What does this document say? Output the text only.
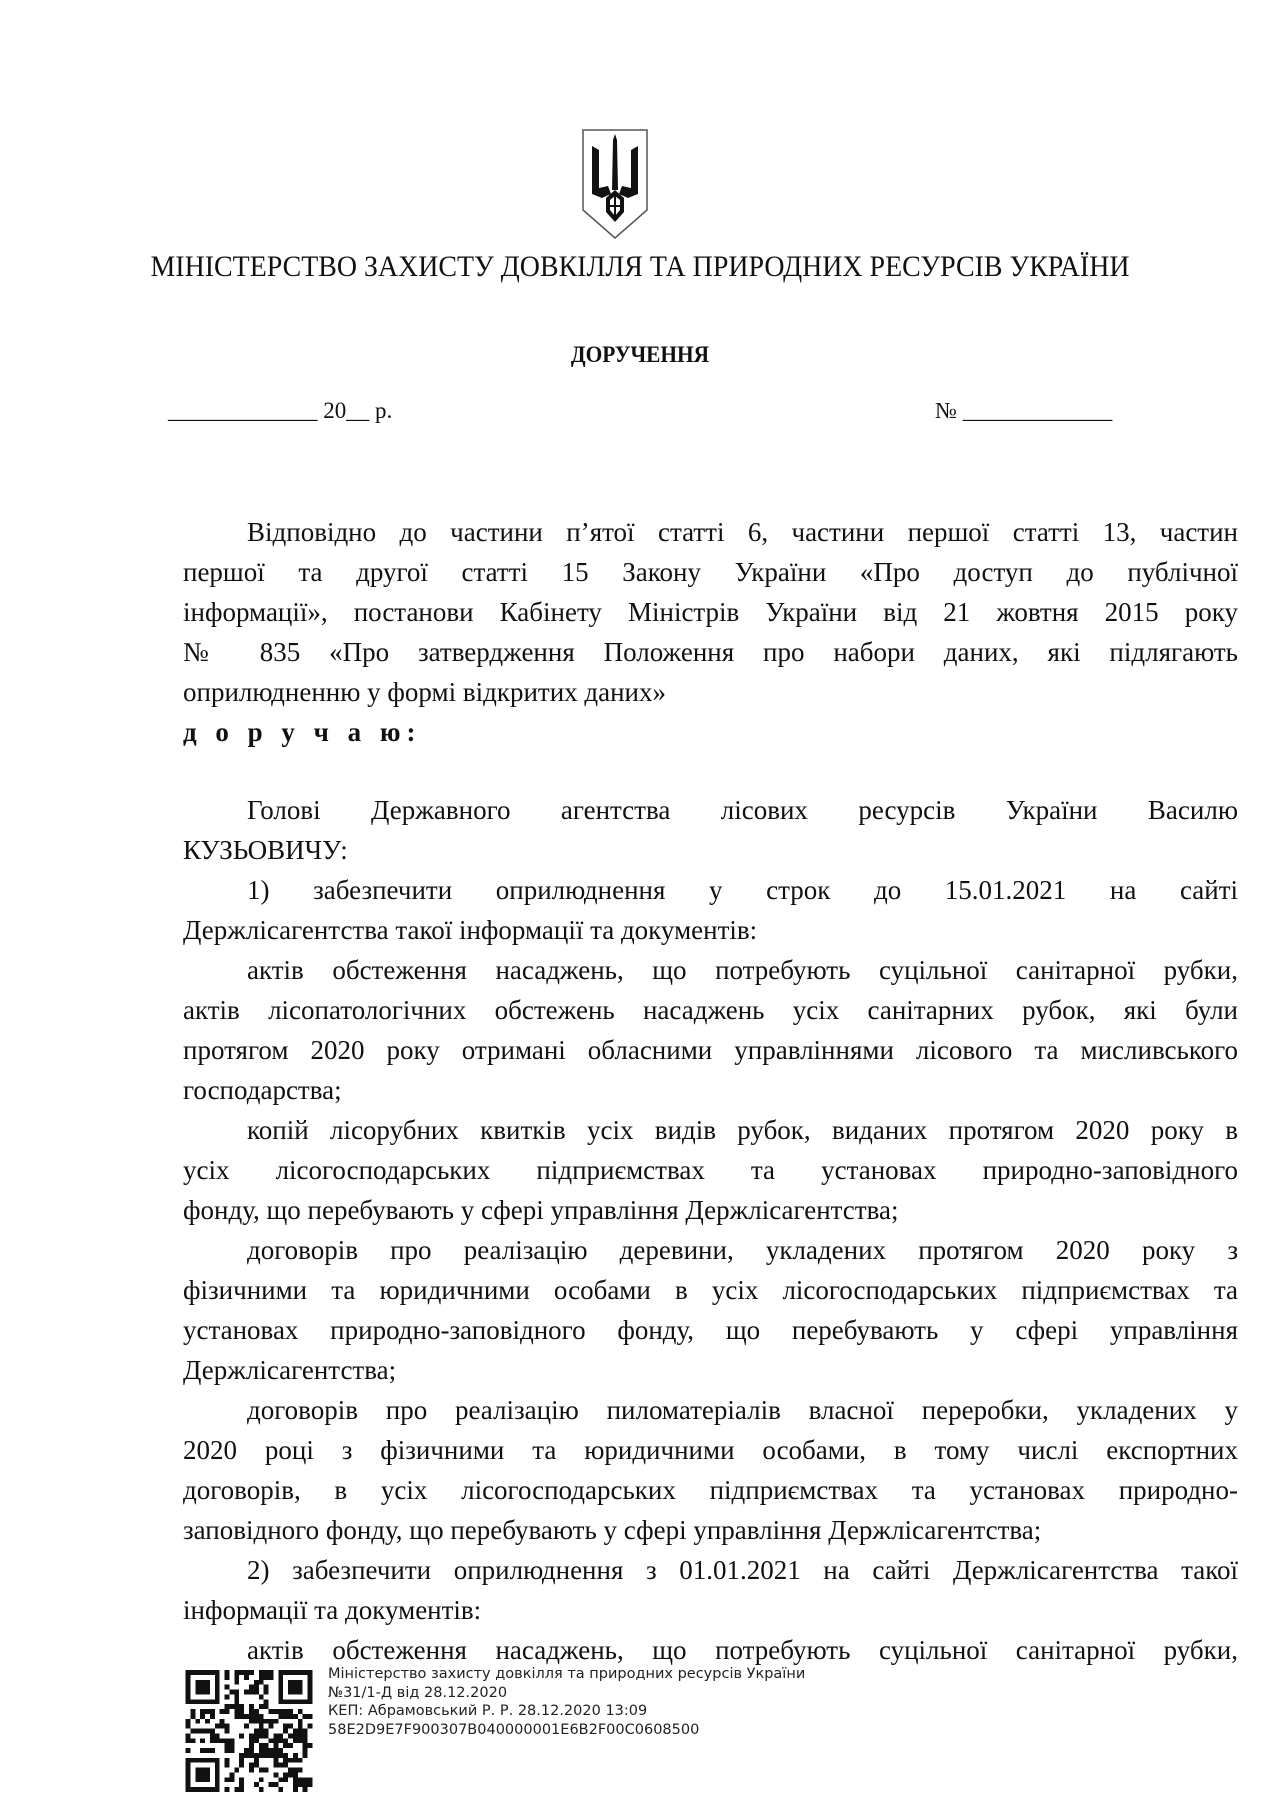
МІНІСТЕРСТВО ЗАХИСТУ ДОВКІЛЛЯ ТА ПРИРОДНИХ РЕСУРСІВ УКРАЇНИ
ДОРУЧЕННЯ
_____________ 20__ р.	№ _____________
Відповідно до частини п’ятої статті 6, частини першої статті 13, частин
першої та другої статті 15 Закону України «Про доступ до публічної
інформації», постанови Кабінету Міністрів України від 21 жовтня 2015 року
№ 835 «Про затвердження Положення про набори даних, які підлягають
оприлюдненню у формі відкритих даних»
д о р у ч а ю:
Голові Державного агентства лісових ресурсів України Василю
КУЗЬОВИЧУ:
1) забезпечити оприлюднення у строк до 15.01.2021 на сайті
Держлісагентства такої інформації та документів:
актів обстеження насаджень, що потребують суцільної санітарної рубки,
актів лісопатологічних обстежень насаджень усіх санітарних рубок, які були
протягом 2020 року отримані обласними управліннями лісового та мисливського
господарства;
копій лісорубних квитків усіх видів рубок, виданих протягом 2020 року в
усіх лісогосподарських підприємствах та установах природно-заповідного
фонду, що перебувають у сфері управління Держлісагентства;
договорів про реалізацію деревини, укладених протягом 2020 року з
фізичними та юридичними особами в усіх лісогосподарських підприємствах та
установах природно-заповідного фонду, що перебувають у сфері управління
Держлісагентства;
договорів про реалізацію пиломатеріалів власної переробки, укладених у
2020 році з фізичними та юридичними особами, в тому числі експортних
договорів, в усіх лісогосподарських підприємствах та установах природно-
заповідного фонду, що перебувають у сфері управління Держлісагентства;
2) забезпечити оприлюднення з 01.01.2021 на сайті Держлісагентства такої
інформації та документів:
актів обстеження насаджень, що потребують суцільної санітарної рубки,
Міністерство захисту довкілля та природних ресурсів України
№31/1-Д від 28.12.2020
КЕП: Абрамовський Р. Р. 28.12.2020 13:09
58E2D9E7F900307B040000001E6B2F00C0608500
